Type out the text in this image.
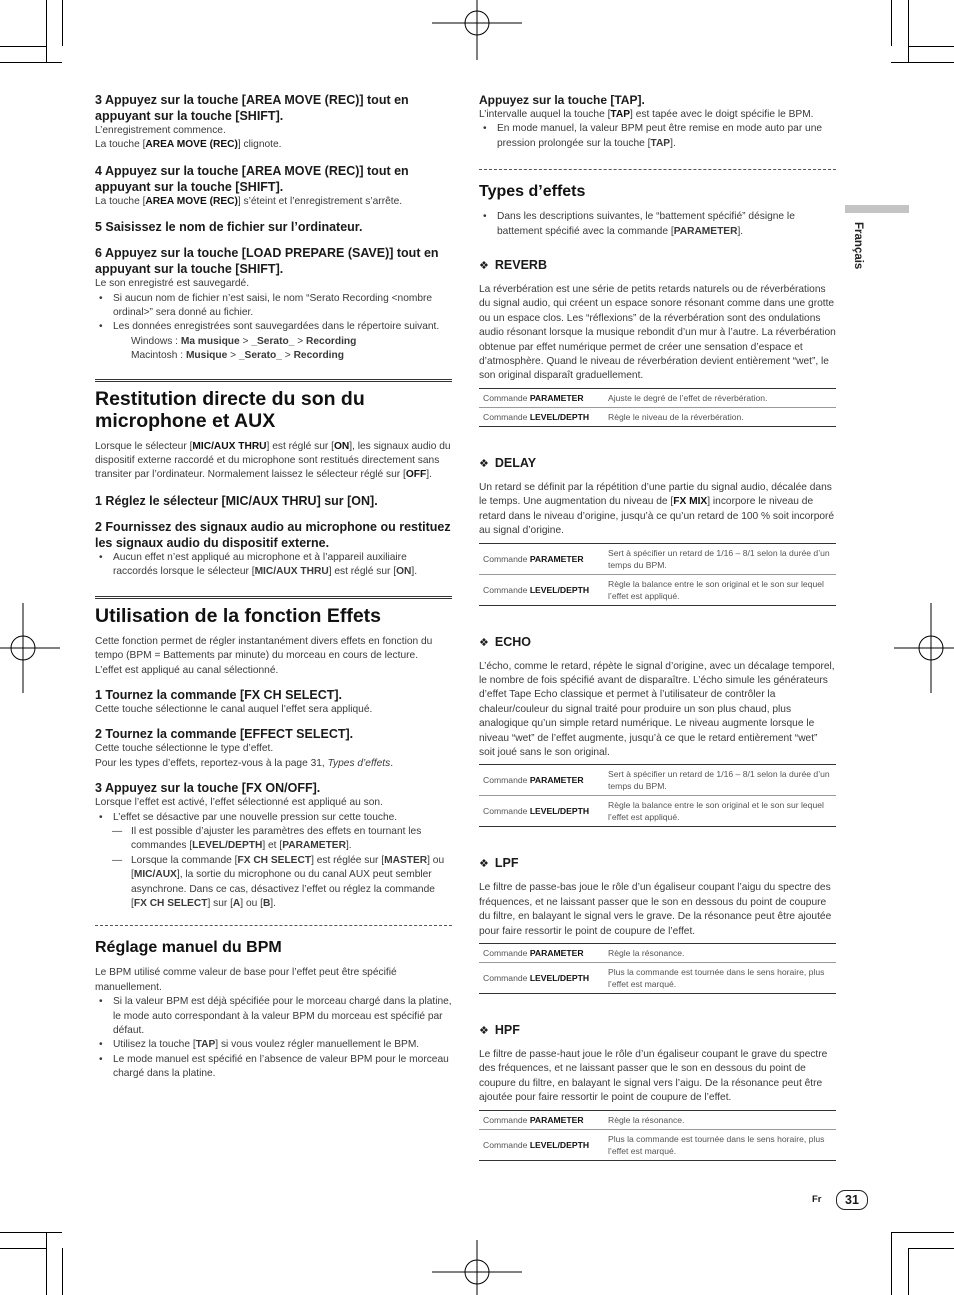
3 Appuyez sur la touche [AREA MOVE (REC)] tout en appuyant sur la touche [SHIFT].
L’enregistrement commence.
La touche [AREA MOVE (REC)] clignote.
4 Appuyez sur la touche [AREA MOVE (REC)] tout en appuyant sur la touche [SHIFT].
La touche [AREA MOVE (REC)] s’éteint et l’enregistrement s’arrête.
5 Saisissez le nom de fichier sur l’ordinateur.
6 Appuyez sur la touche [LOAD PREPARE (SAVE)] tout en appuyant sur la touche [SHIFT].
Le son enregistré est sauvegardé.
• Si aucun nom de fichier n’est saisi, le nom “Serato Recording <nombre ordinal>” sera donné au fichier.
• Les données enregistrées sont sauvegardées dans le répertoire suivant.
Windows : Ma musique > _Serato_ > Recording
Macintosh : Musique > _Serato_ > Recording
Restitution directe du son du microphone et AUX
Lorsque le sélecteur [MIC/AUX THRU] est réglé sur [ON], les signaux audio du dispositif externe raccordé et du microphone sont restitués directement sans transiter par l’ordinateur. Normalement laissez le sélecteur réglé sur [OFF].
1 Réglez le sélecteur [MIC/AUX THRU] sur [ON].
2 Fournissez des signaux audio au microphone ou restituez les signaux audio du dispositif externe.
• Aucun effet n’est appliqué au microphone et à l’appareil auxiliaire raccordés lorsque le sélecteur [MIC/AUX THRU] est réglé sur [ON].
Utilisation de la fonction Effets
Cette fonction permet de régler instantanément divers effets en fonction du tempo (BPM = Battements par minute) du morceau en cours de lecture.
L’effet est appliqué au canal sélectionné.
1 Tournez la commande [FX CH SELECT].
Cette touche sélectionne le canal auquel l’effet sera appliqué.
2 Tournez la commande [EFFECT SELECT].
Cette touche sélectionne le type d’effet.
Pour les types d’effets, reportez-vous à la page 31, Types d’effets.
3 Appuyez sur la touche [FX ON/OFF].
Lorsque l’effet est activé, l’effet sélectionné est appliqué au son.
• L’effet se désactive par une nouvelle pression sur cette touche.
— Il est possible d’ajuster les paramètres des effets en tournant les commandes [LEVEL/DEPTH] et [PARAMETER].
— Lorsque la commande [FX CH SELECT] est réglée sur [MASTER] ou [MIC/AUX], la sortie du microphone ou du canal AUX peut sembler asynchrone. Dans ce cas, désactivez l’effet ou réglez la commande [FX CH SELECT] sur [A] ou [B].
Réglage manuel du BPM
Le BPM utilisé comme valeur de base pour l’effet peut être spécifié manuellement.
• Si la valeur BPM est déjà spécifiée pour le morceau chargé dans la platine, le mode auto correspondant à la valeur BPM du morceau est spécifié par défaut.
• Utilisez la touche [TAP] si vous voulez régler manuellement le BPM.
• Le mode manuel est spécifié en l’absence de valeur BPM pour le morceau chargé dans la platine.
Appuyez sur la touche [TAP].
L’intervalle auquel la touche [TAP] est tapée avec le doigt spécifie le BPM.
• En mode manuel, la valeur BPM peut être remise en mode auto par une pression prolongée sur la touche [TAP].
Types d’effets
• Dans les descriptions suivantes, le “battement spécifié” désigne le battement spécifié avec la commande [PARAMETER].
❖ REVERB
La réverbération est une série de petits retards naturels ou de réverbérations du signal audio, qui créent un espace sonore résonant comme dans une grotte ou un espace clos. Les “réflexions” de la réverbération sont des ondulations audio résonant lorsque la musique rebondit d’un mur à l’autre. La réverbération obtenue par effet numérique permet de créer une sensation d’espace et d’atmosphère. Quand le niveau de réverbération devient entièrement “wet”, le son original disparaît graduellement.
Commande PARAMETER	Ajuste le degré de l’effet de réverbération.
Commande LEVEL/DEPTH	Règle le niveau de la réverbération.
❖ DELAY
Un retard se définit par la répétition d’une partie du signal audio, décalée dans le temps. Une augmentation du niveau de [FX MIX] incorpore le niveau de retard dans le niveau d’origine, jusqu’à ce qu’un retard de 100 % soit incorporé au signal d’origine.
Commande PARAMETER	Sert à spécifier un retard de 1/16 – 8/1 selon la durée d’un temps du BPM.
Commande LEVEL/DEPTH	Règle la balance entre le son original et le son sur lequel l’effet est appliqué.
❖ ECHO
L’écho, comme le retard, répète le signal d’origine, avec un décalage temporel, le nombre de fois spécifié avant de disparaître. L’écho simule les générateurs d’effet Tape Echo classique et permet à l’utilisateur de contrôler la chaleur/couleur du signal traité pour produire un son plus chaud, plus analogique qu’un simple retard numérique. Le niveau augmente lorsque le niveau “wet” de l’effet augmente, jusqu’à ce que le retard entièrement “wet” soit joué sans le son original.
Commande PARAMETER	Sert à spécifier un retard de 1/16 – 8/1 selon la durée d’un temps du BPM.
Commande LEVEL/DEPTH	Règle la balance entre le son original et le son sur lequel l’effet est appliqué.
❖ LPF
Le filtre de passe-bas joue le rôle d’un égaliseur coupant l’aigu du spectre des fréquences, et ne laissant passer que le son en dessous du point de coupure du filtre, en balayant le signal vers le grave. De la résonance peut être ajoutée pour faire ressortir le point de coupure de l’effet.
Commande PARAMETER	Règle la résonance.
Commande LEVEL/DEPTH	Plus la commande est tournée dans le sens horaire, plus l’effet est marqué.
❖ HPF
Le filtre de passe-haut joue le rôle d’un égaliseur coupant le grave du spectre des fréquences, et ne laissant passer que le son en dessous du point de coupure du filtre, en balayant le signal vers l’aigu. De la résonance peut être ajoutée pour faire ressortir le point de coupure de l’effet.
Commande PARAMETER	Règle la résonance.
Commande LEVEL/DEPTH	Plus la commande est tournée dans le sens horaire, plus l’effet est marqué.
Français
Fr	31
